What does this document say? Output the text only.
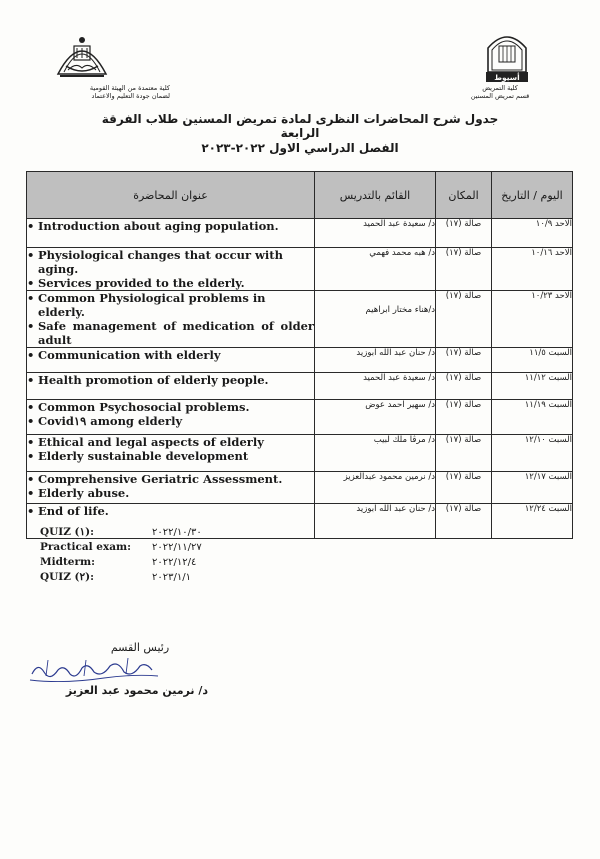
أسيوط
كلية معتمدة من الهيئة القومية
لضمان جودة التعليم والاعتماد
كلية التمريض
قسم تمريض المسنين
جدول شرح المحاضرات النظرى لمادة تمريض المسنين طلاب الفرقة الرابعة
الفصل الدراسي الاول ٢٠٢٢-٢٠٢٣
عنوان المحاضرة	القائم بالتدريس	المكان	اليوم / التاريخ

• Introduction about aging population.	د/ سعيدة عبد الحميد	صالة (١٧)	الاحد ١٠/٩

• Physiological changes that occur with aging.
• Services provided to the elderly.	د/ هبه محمد فهمي	صالة (١٧)	الاحد ١٠/١٦

• Common Physiological problems in elderly.
• Safe management of medication of older adult	د/هناء مختار ابراهيم	صالة (١٧)	الاحد ١٠/٢٣

• Communication with elderly	د/ حنان عبد الله ابوزيد	صالة (١٧)	السبت ١١/٥

• Health promotion of elderly people.	د/ سعيدة عبد الحميد	صالة (١٧)	السبت ١١/١٢

• Common Psychosocial problems.
• Covid١٩ among elderly	د/ سهير احمد عوض	صالة (١٧)	السبت ١١/١٩

• Ethical and legal aspects of elderly
• Elderly sustainable development	د/ مرڤا ملك لبيب	صالة (١٧)	السبت ١٢/١٠

• Comprehensive Geriatric Assessment.
• Elderly abuse.	د/ نرمين محمود عبدالعزيز	صالة (١٧)	السبت ١٢/١٧

• End of life.	د/ حنان عبد الله ابوزيد	صالة (١٧)	السبت ١٢/٢٤
QUIZ (١):	٢٠٢٢/١٠/٣٠
Practical exam: ٢٠٢٢/١١/٢٧
Midterm:	٢٠٢٢/١٢/٤
QUIZ (٢):	٢٠٢٣/١/١
رئيس القسم
د/ نرمين محمود عبد العزيز
